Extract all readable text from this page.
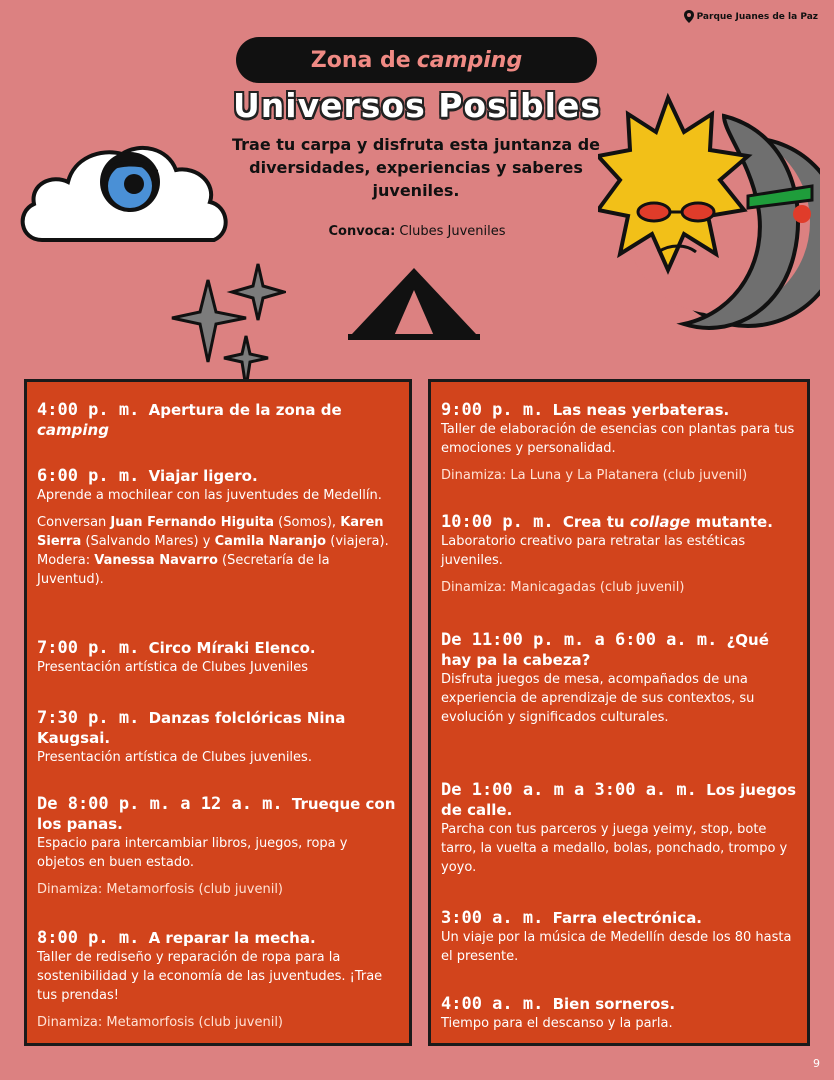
Parque Juanes de la Paz
Zona de camping
Universos Posibles
Trae tu carpa y disfruta esta juntanza de diversidades, experiencias y saberes juveniles.
Convoca: Clubes Juveniles
4:00 p. m. Apertura de la zona de camping
6:00 p. m. Viajar ligero.
Aprende a mochilear con las juventudes de Medellín.
Conversan Juan Fernando Higuita (Somos), Karen Sierra (Salvando Mares) y Camila Naranjo (viajera). Modera: Vanessa Navarro (Secretaría de la Juventud).
7:00 p. m. Circo Míraki Elenco.
Presentación artística de Clubes Juveniles
7:30 p. m. Danzas folclóricas Nina Kaugsai.
Presentación artística de Clubes juveniles.
De 8:00 p. m. a 12 a. m. Trueque con los panas.
Espacio para intercambiar libros, juegos, ropa y objetos en buen estado.
Dinamiza: Metamorfosis (club juvenil)
8:00 p. m. A reparar la mecha.
Taller de rediseño y reparación de ropa para la sostenibilidad y la economía de las juventudes. ¡Trae tus prendas!
Dinamiza: Metamorfosis (club juvenil)
9:00 p. m. Las neas yerbateras.
Taller de elaboración de esencias con plantas para tus emociones y personalidad.
Dinamiza: La Luna y La Platanera (club juvenil)
10:00 p. m. Crea tu collage mutante.
Laboratorio creativo para retratar las estéticas juveniles.
Dinamiza: Manicagadas (club juvenil)
De 11:00 p. m. a 6:00 a. m. ¿Qué hay pa la cabeza?
Disfruta juegos de mesa, acompañados de una experiencia de aprendizaje de sus contextos, su evolución y significados culturales.
De 1:00 a. m a 3:00 a. m. Los juegos de calle.
Parcha con tus parceros y juega yeimy, stop, bote tarro, la vuelta a medallo, bolas, ponchado, trompo y yoyo.
3:00 a. m. Farra electrónica.
Un viaje por la música de Medellín desde los 80 hasta el presente.
4:00 a. m. Bien sorneros.
Tiempo para el descanso y la parla.
9
